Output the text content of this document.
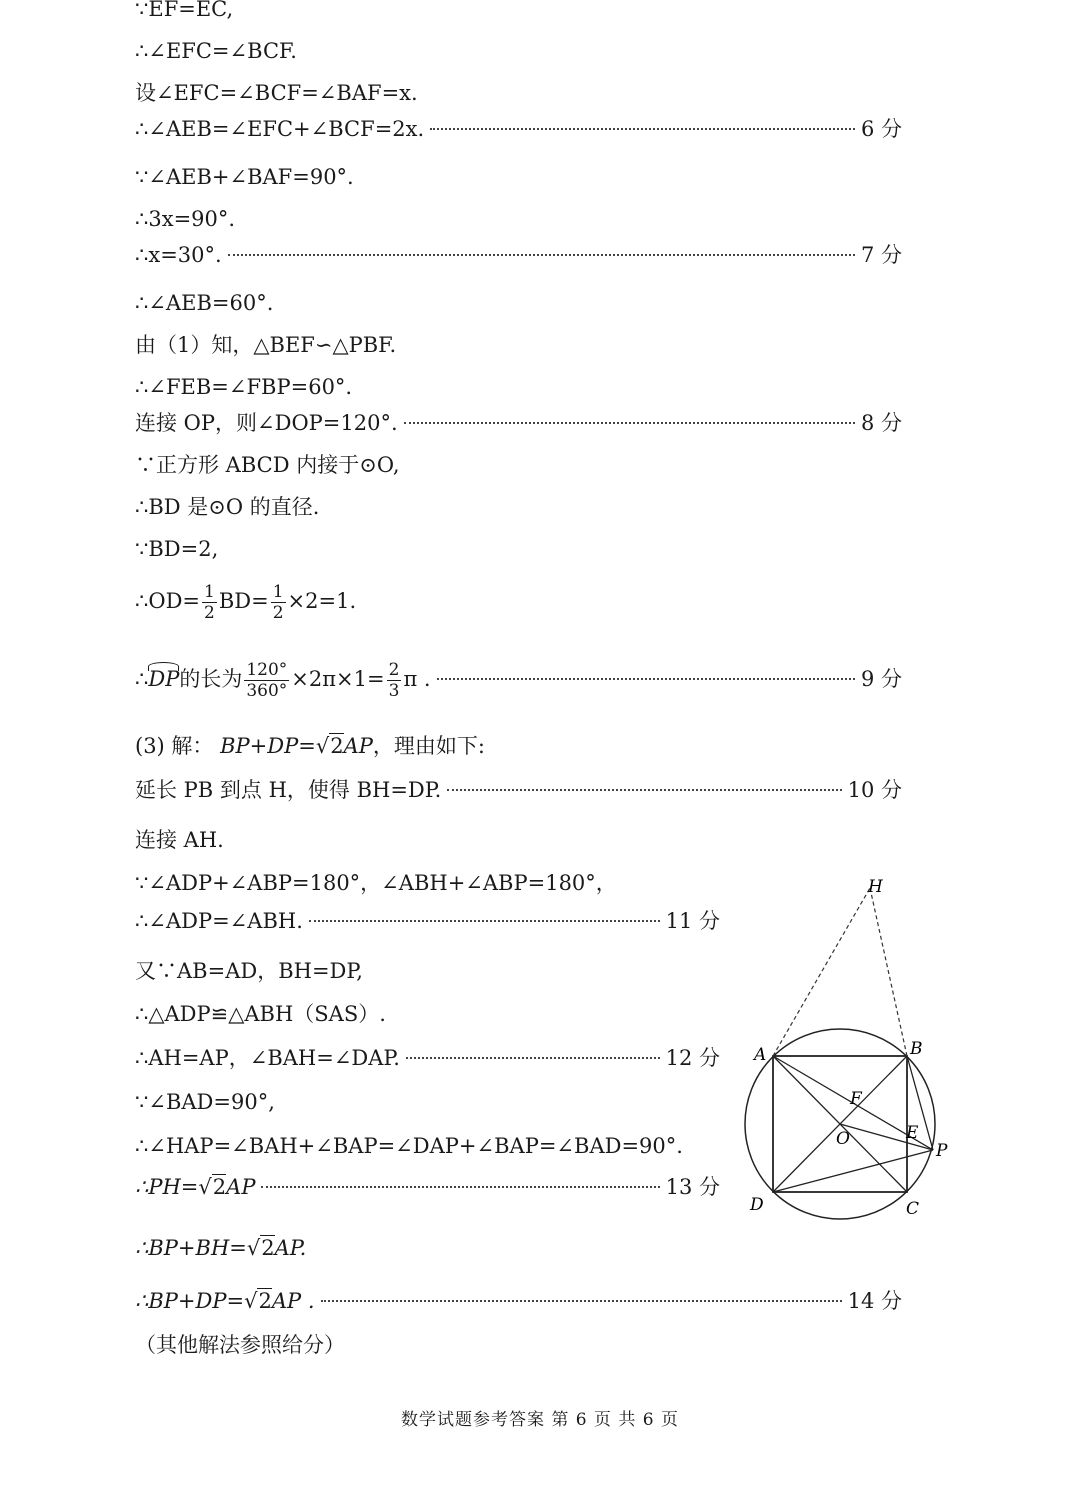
∵EF=EC,
∴∠EFC=∠BCF.
设∠EFC=∠BCF=∠BAF=x.
∴∠AEB=∠EFC+∠BCF=2x.	6 分
∵∠AEB+∠BAF=90°.
∴3x=90°.
∴x=30°.	7 分
∴∠AEB=60°.
由（1）知，△BEF∽△PBF.
∴∠FEB=∠FBP=60°.
连接 OP，则∠DOP=120°.	8 分
∵正方形 ABCD 内接于⊙O,
∴BD 是⊙O 的直径.
∵BD=2,
∴OD= $\frac{1}{2} BD= \frac{1}{2} \times 2=1$.
∴DP的长为 $\frac{120^\circ}{360^\circ} \times 2\pi\times 1= \frac{2}{3}$ π .	9 分
(3) 解： BP+DP=√2AP，理由如下:
延长 PB 到点 H，使得 BH=DP.	10 分
连接 AH.
∵∠ADP+∠ABP=180°，∠ABH+∠ABP=180°，
∴∠ADP=∠ABH.	11 分
又∵AB=AD，BH=DP,
∴△ADP≌△ABH（SAS）.
∴AH=AP，∠BAH=∠DAP.	12 分
∵∠BAD=90°,
∴∠HAP=∠BAH+∠BAP=∠DAP+∠BAP=∠BAD=90°.
∴PH=√2AP	13 分
∴BP+BH=√2AP.
∴BP+DP=√2AP .	14 分
（其他解法参照给分）
H
A	B
F
O	E
P
D	C
数学试题参考答案 第 6 页 共 6 页
